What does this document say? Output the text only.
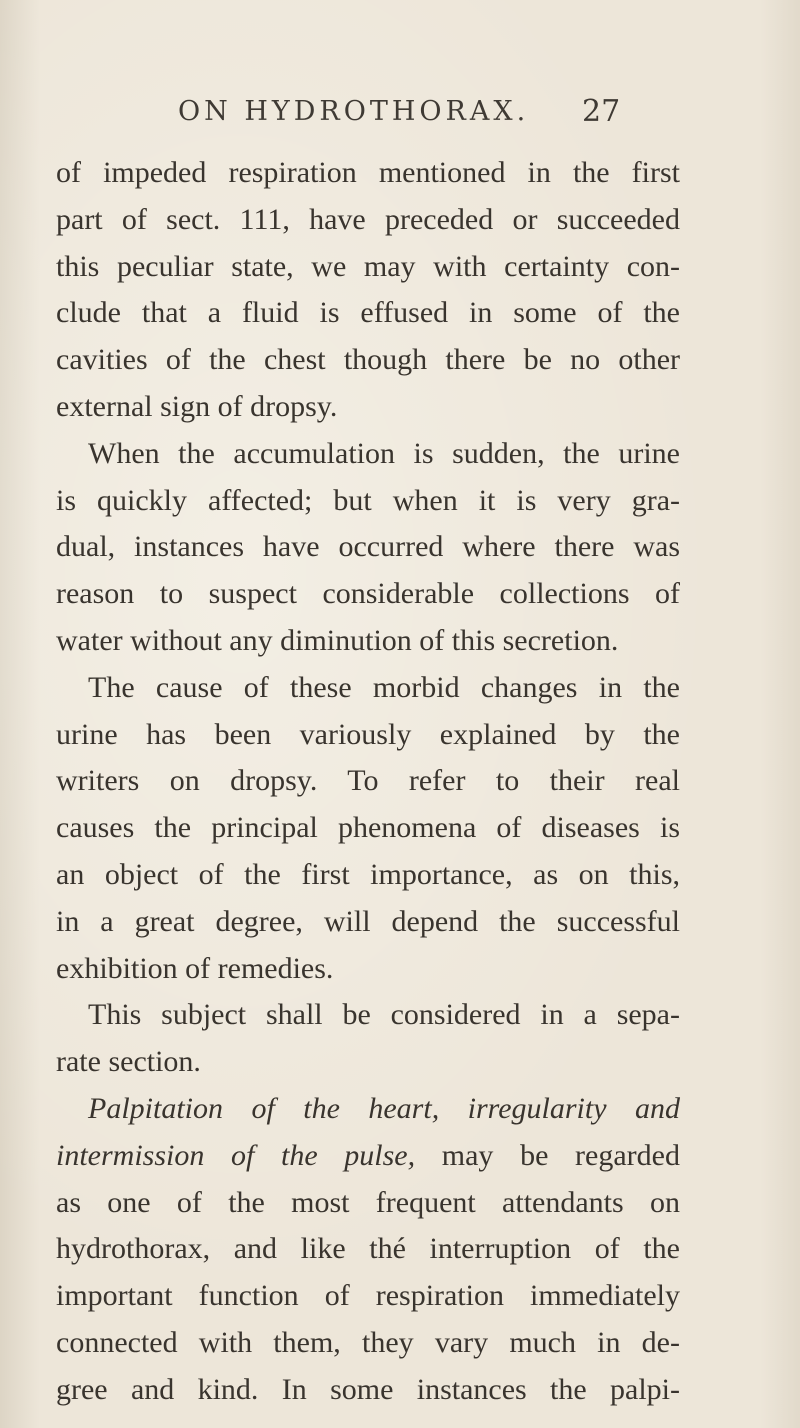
ON HYDROTHORAX. 27
of impeded respiration mentioned in the first
part of sect. 111, have preceded or succeeded
this peculiar state, we may with certainty con-
clude that a fluid is effused in some of the
cavities of the chest though there be no other
external sign of dropsy.
When the accumulation is sudden, the urine
is quickly affected; but when it is very gra-
dual, instances have occurred where there was
reason to suspect considerable collections of
water without any diminution of this secretion.
The cause of these morbid changes in the
urine has been variously explained by the
writers on dropsy. To refer to their real
causes the principal phenomena of diseases is
an object of the first importance, as on this,
in a great degree, will depend the successful
exhibition of remedies.
This subject shall be considered in a sepa-
rate section.
Palpitation of the heart, irregularity and
intermission of the pulse, may be regarded
as one of the most frequent attendants on
hydrothorax, and like thé interruption of the
important function of respiration immediately
connected with them, they vary much in de-
gree and kind. In some instances the palpi-
